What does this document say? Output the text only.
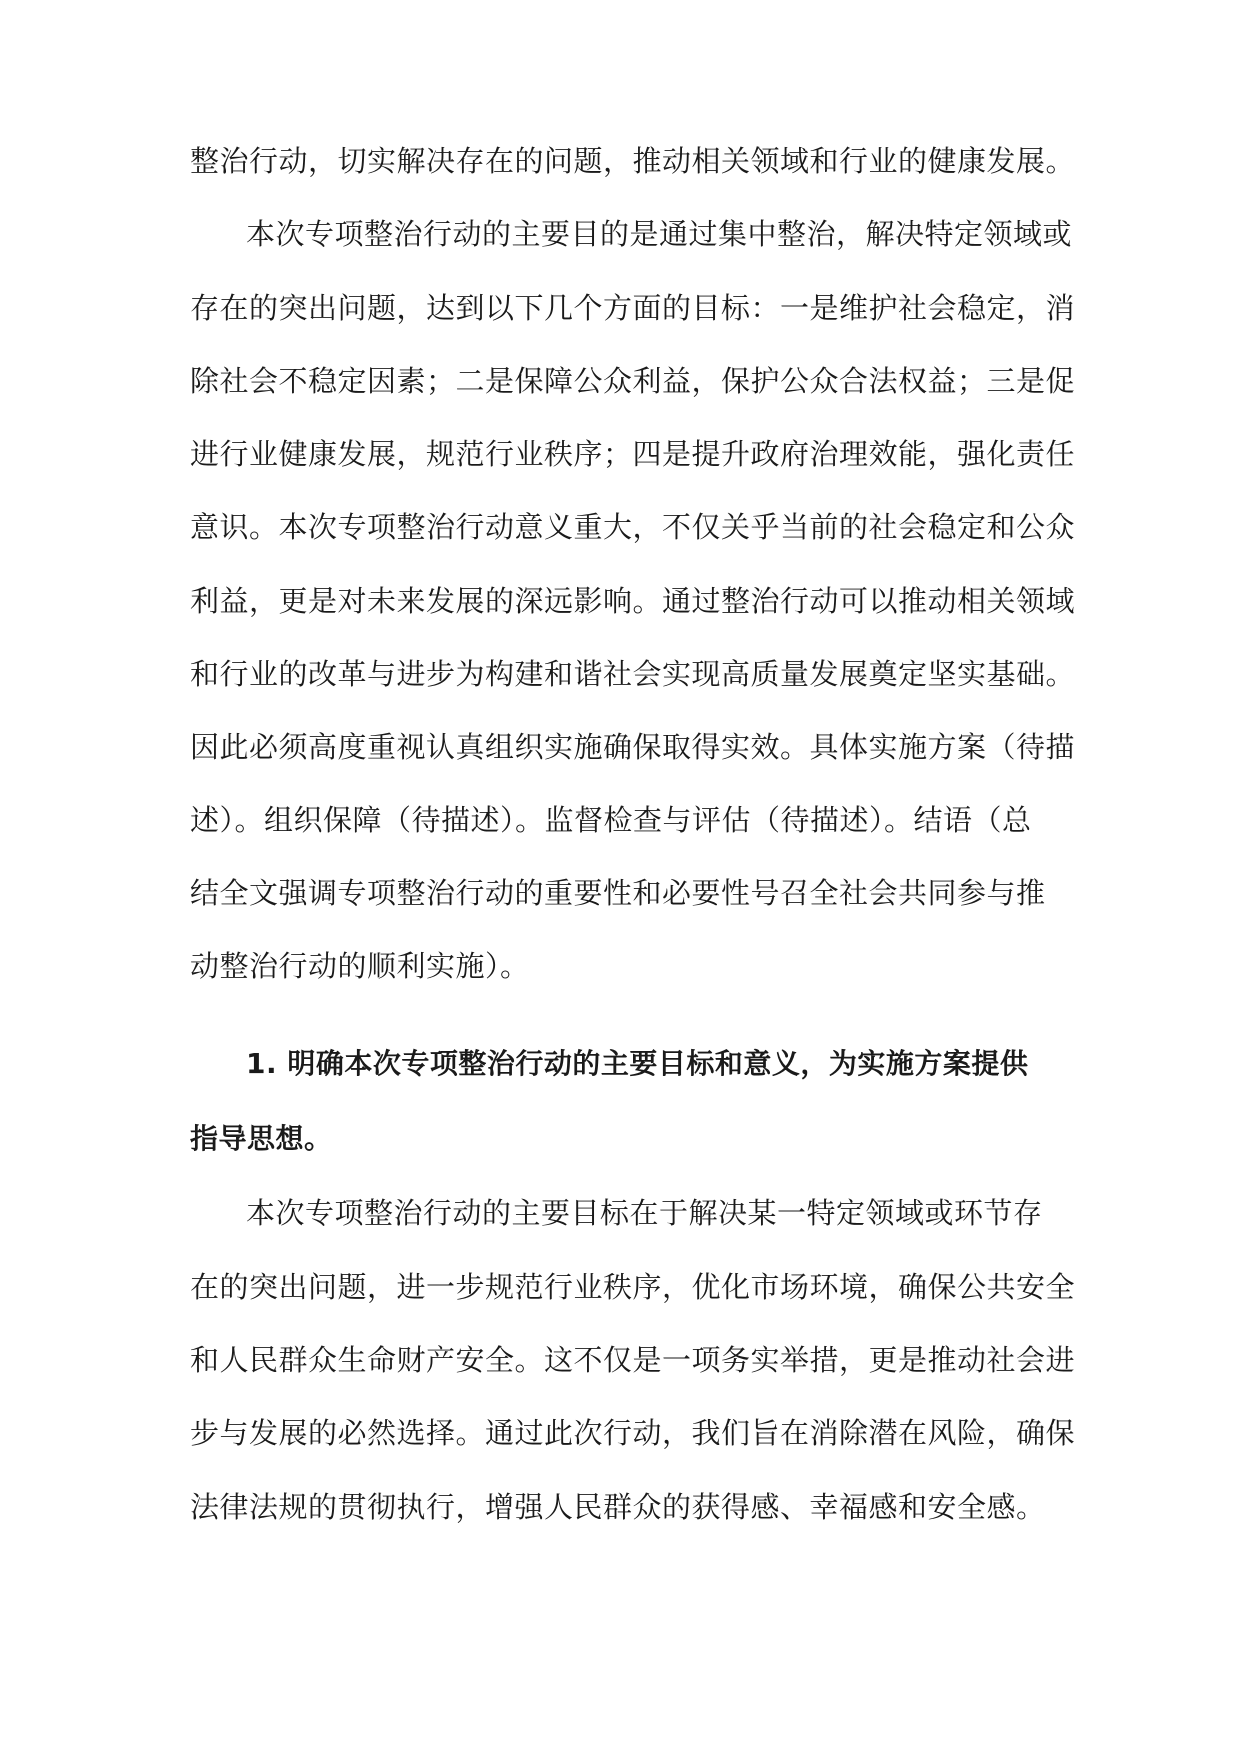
整治行动，切实解决存在的问题，推动相关领域和行业的健康发展。
本次专项整治行动的主要目的是通过集中整治，解决特定领域或
存在的突出问题，达到以下几个方面的目标：一是维护社会稳定，消
除社会不稳定因素；二是保障公众利益，保护公众合法权益；三是促
进行业健康发展，规范行业秩序；四是提升政府治理效能，强化责任
意识。本次专项整治行动意义重大，不仅关乎当前的社会稳定和公众
利益，更是对未来发展的深远影响。通过整治行动可以推动相关领域
和行业的改革与进步为构建和谐社会实现高质量发展奠定坚实基础。
因此必须高度重视认真组织实施确保取得实效。具体实施方案（待描
述）。组织保障（待描述）。监督检查与评估（待描述）。结语（总
结全文强调专项整治行动的重要性和必要性号召全社会共同参与推
动整治行动的顺利实施）。
1. 明确本次专项整治行动的主要目标和意义，为实施方案提供
指导思想。
本次专项整治行动的主要目标在于解决某一特定领域或环节存
在的突出问题，进一步规范行业秩序，优化市场环境，确保公共安全
和人民群众生命财产安全。这不仅是一项务实举措，更是推动社会进
步与发展的必然选择。通过此次行动，我们旨在消除潜在风险，确保
法律法规的贯彻执行，增强人民群众的获得感、幸福感和安全感。
